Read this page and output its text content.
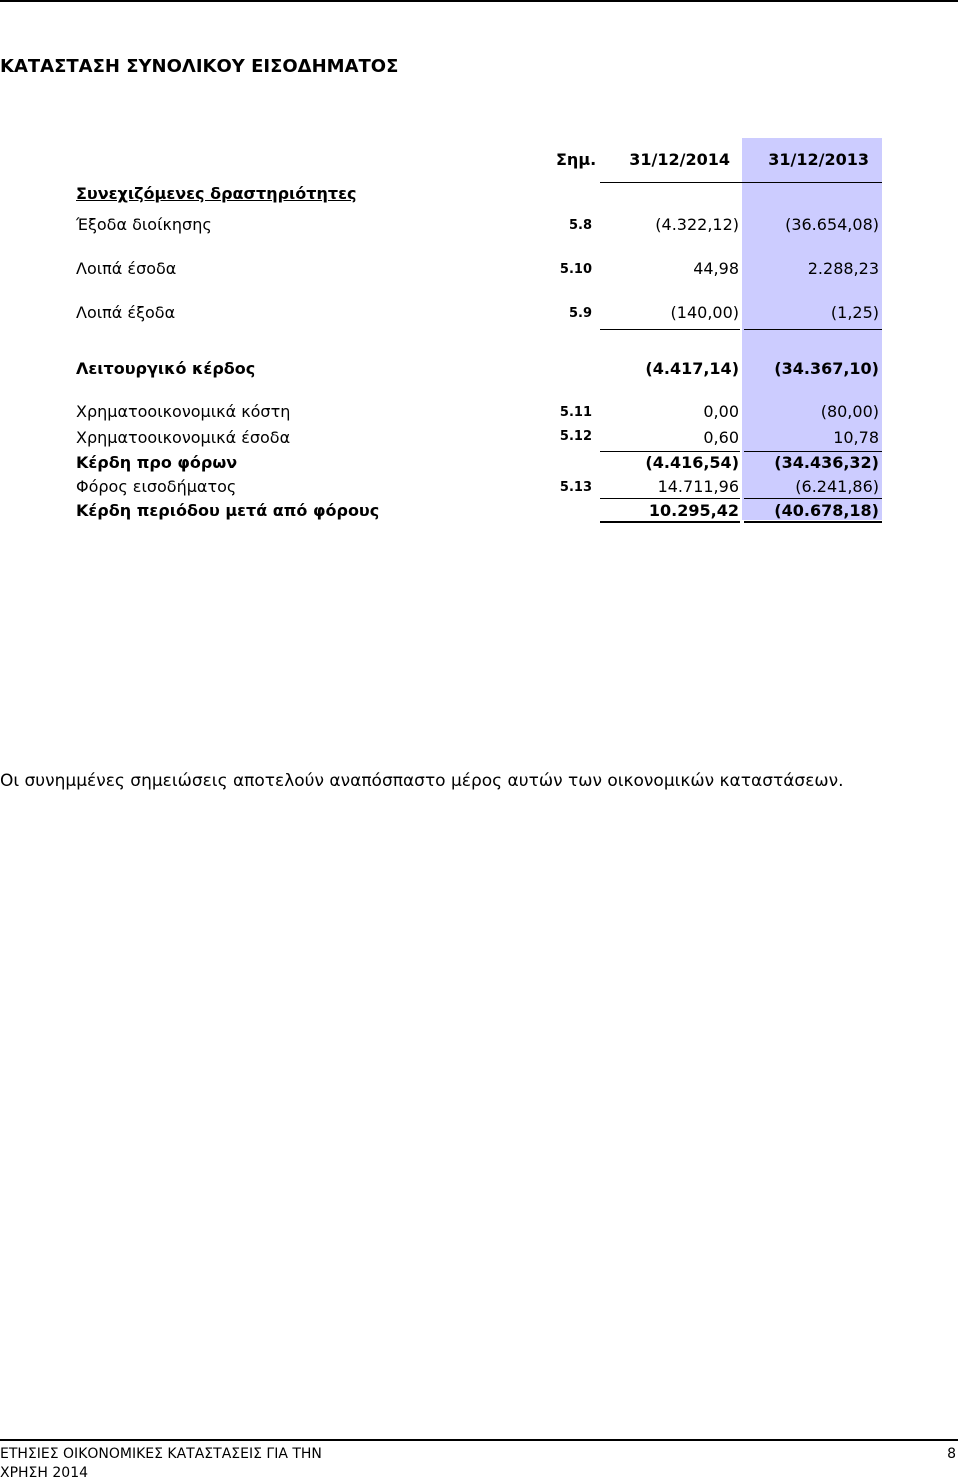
ΚΑΤΑΣΤΑΣΗ ΣΥΝΟΛΙΚΟΥ ΕΙΣΟΔΗΜΑΤΟΣ
Σημ.	31/12/2014	31/12/2013
Συνεχιζόμενες δραστηριότητες
Έξοδα διοίκησης	5.8	(4.322,12)	(36.654,08)
Λοιπά έσοδα	5.10	44,98	2.288,23
Λοιπά έξοδα	5.9	(140,00)	(1,25)
Λειτουργικό κέρδος	(4.417,14)	(34.367,10)
Χρηματοοικονομικά κόστη	5.11	0,00	(80,00)
Χρηματοοικονομικά έσοδα	5.12	0,60	10,78
Κέρδη προ φόρων	(4.416,54)	(34.436,32)
Φόρος εισοδήματος	5.13	14.711,96	(6.241,86)
Κέρδη περιόδου μετά από φόρους	10.295,42	(40.678,18)
Οι συνημμένες σημειώσεις αποτελούν αναπόσπαστο μέρος αυτών των οικονομικών καταστάσεων.
ΕΤΗΣΙΕΣ ΟΙΚΟΝΟΜΙΚΕΣ ΚΑΤΑΣΤΑΣΕΙΣ ΓΙΑ ΤΗΝ ΧΡΗΣΗ 2014
8
